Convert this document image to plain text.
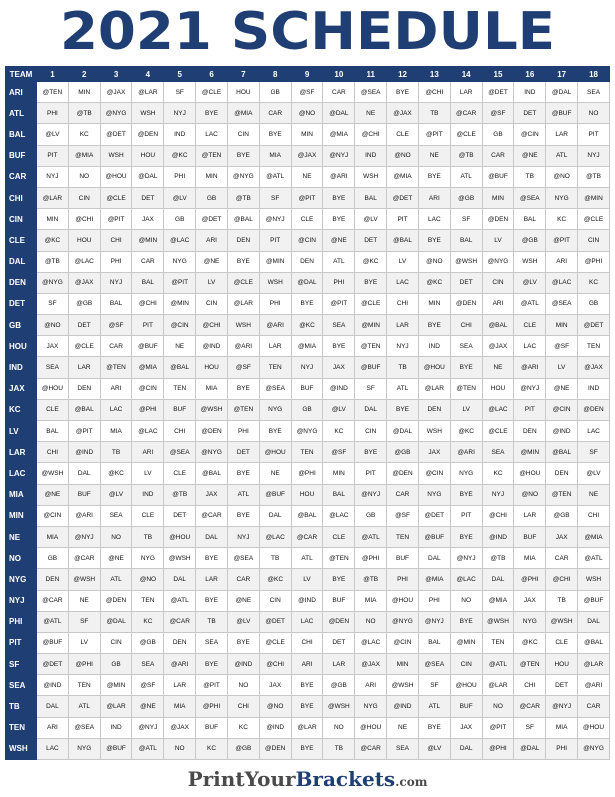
2021 SCHEDULE
TEAM	1	2	3	4	5	6	7	8	9	10	11	12	13	14	15	16	17	18
ARI	@TEN	MIN	@JAX	@LAR	SF	@CLE	HOU	GB	@SF	CAR	@SEA	BYE	@CHI	LAR	@DET	IND	@DAL	SEA
ATL	PHI	@TB	@NYG	WSH	NYJ	BYE	@MIA	CAR	@NO	@DAL	NE	@JAX	TB	@CAR	@SF	DET	@BUF	NO
BAL	@LV	KC	@DET	@DEN	IND	LAC	CIN	BYE	MIN	@MIA	@CHI	CLE	@PIT	@CLE	GB	@CIN	LAR	PIT
BUF	PIT	@MIA	WSH	HOU	@KC	@TEN	BYE	MIA	@JAX	@NYJ	IND	@NO	NE	@TB	CAR	@NE	ATL	NYJ
CAR	NYJ	NO	@HOU	@DAL	PHI	MIN	@NYG	@ATL	NE	@ARI	WSH	@MIA	BYE	ATL	@BUF	TB	@NO	@TB
CHI	@LAR	CIN	@CLE	DET	@LV	GB	@TB	SF	@PIT	BYE	BAL	@DET	ARI	@GB	MIN	@SEA	NYG	@MIN
CIN	MIN	@CHI	@PIT	JAX	GB	@DET	@BAL	@NYJ	CLE	BYE	@LV	PIT	LAC	SF	@DEN	BAL	KC	@CLE
CLE	@KC	HOU	CHI	@MIN	@LAC	ARI	DEN	PIT	@CIN	@NE	DET	@BAL	BYE	BAL	LV	@GB	@PIT	CIN
DAL	@TB	@LAC	PHI	CAR	NYG	@NE	BYE	@MIN	DEN	ATL	@KC	LV	@NO	@WSH	@NYG	WSH	ARI	@PHI
DEN	@NYG	@JAX	NYJ	BAL	@PIT	LV	@CLE	WSH	@DAL	PHI	BYE	LAC	@KC	DET	CIN	@LV	@LAC	KC
DET	SF	@GB	BAL	@CHI	@MIN	CIN	@LAR	PHI	BYE	@PIT	@CLE	CHI	MIN	@DEN	ARI	@ATL	@SEA	GB
GB	@NO	DET	@SF	PIT	@CIN	@CHI	WSH	@ARI	@KC	SEA	@MIN	LAR	BYE	CHI	@BAL	CLE	MIN	@DET
HOU	JAX	@CLE	CAR	@BUF	NE	@IND	@ARI	LAR	@MIA	BYE	@TEN	NYJ	IND	SEA	@JAX	LAC	@SF	TEN
IND	SEA	LAR	@TEN	@MIA	@BAL	HOU	@SF	TEN	NYJ	JAX	@BUF	TB	@HOU	BYE	NE	@ARI	LV	@JAX
JAX	@HOU	DEN	ARI	@CIN	TEN	MIA	BYE	@SEA	BUF	@IND	SF	ATL	@LAR	@TEN	HOU	@NYJ	@NE	IND
KC	CLE	@BAL	LAC	@PHI	BUF	@WSH	@TEN	NYG	GB	@LV	DAL	BYE	DEN	LV	@LAC	PIT	@CIN	@DEN
LV	BAL	@PIT	MIA	@LAC	CHI	@DEN	PHI	BYE	@NYG	KC	CIN	@DAL	WSH	@KC	@CLE	DEN	@IND	LAC
LAR	CHI	@IND	TB	ARI	@SEA	@NYG	DET	@HOU	TEN	@SF	BYE	@GB	JAX	@ARI	SEA	@MIN	@BAL	SF
LAC	@WSH	DAL	@KC	LV	CLE	@BAL	BYE	NE	@PHI	MIN	PIT	@DEN	@CIN	NYG	KC	@HOU	DEN	@LV
MIA	@NE	BUF	@LV	IND	@TB	JAX	ATL	@BUF	HOU	BAL	@NYJ	CAR	NYG	BYE	NYJ	@NO	@TEN	NE
MIN	@CIN	@ARI	SEA	CLE	DET	@CAR	BYE	DAL	@BAL	@LAC	GB	@SF	@DET	PIT	@CHI	LAR	@GB	CHI
NE	MIA	@NYJ	NO	TB	@HOU	DAL	NYJ	@LAC	@CAR	CLE	@ATL	TEN	@BUF	BYE	@IND	BUF	JAX	@MIA
NO	GB	@CAR	@NE	NYG	@WSH	BYE	@SEA	TB	ATL	@TEN	@PHI	BUF	DAL	@NYJ	@TB	MIA	CAR	@ATL
NYG	DEN	@WSH	ATL	@NO	DAL	LAR	CAR	@KC	LV	BYE	@TB	PHI	@MIA	@LAC	DAL	@PHI	@CHI	WSH
NYJ	@CAR	NE	@DEN	TEN	@ATL	BYE	@NE	CIN	@IND	BUF	MIA	@HOU	PHI	NO	@MIA	JAX	TB	@BUF
PHI	@ATL	SF	@DAL	KC	@CAR	TB	@LV	@DET	LAC	@DEN	NO	@NYG	@NYJ	BYE	@WSH	NYG	@WSH	DAL
PIT	@BUF	LV	CIN	@GB	DEN	SEA	BYE	@CLE	CHI	DET	@LAC	@CIN	BAL	@MIN	TEN	@KC	CLE	@BAL
SF	@DET	@PHI	GB	SEA	@ARI	BYE	@IND	@CHI	ARI	LAR	@JAX	MIN	@SEA	CIN	@ATL	@TEN	HOU	@LAR
SEA	@IND	TEN	@MIN	@SF	LAR	@PIT	NO	JAX	BYE	@GB	ARI	@WSH	SF	@HOU	@LAR	CHI	DET	@ARI
TB	DAL	ATL	@LAR	@NE	MIA	@PHI	CHI	@NO	BYE	@WSH	NYG	@IND	ATL	BUF	NO	@CAR	@NYJ	CAR
TEN	ARI	@SEA	IND	@NYJ	@JAX	BUF	KC	@IND	@LAR	NO	@HOU	NE	BYE	JAX	@PIT	SF	MIA	@HOU
WSH	LAC	NYG	@BUF	@ATL	NO	KC	@GB	@DEN	BYE	TB	@CAR	SEA	@LV	DAL	@PHI	@DAL	PHI	@NYG
PrintYourBrackets.com
